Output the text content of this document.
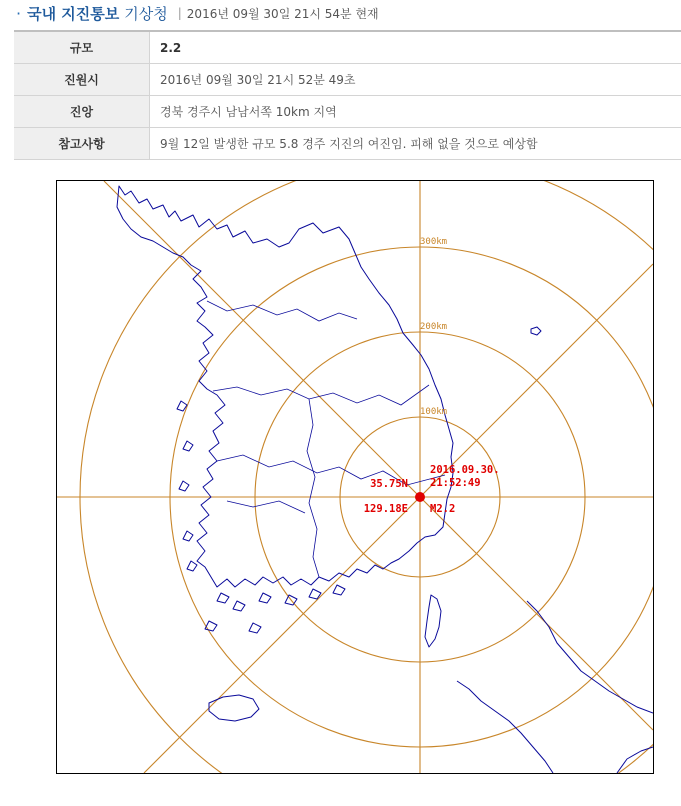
· 국내 지진통보 기상청 | 2016년 09월 30일 21시 54분 현재
규모	2.2
진원시	2016년 09월 30일 21시 52분 49초
진앙	경북 경주시 남남서쪽 10km 지역
참고사항	9월 12일 발생한 규모 5.8 경주 지진의 여진임. 피해 없을 것으로 예상함
100km
200km
300km
35.75N
129.18E
2016.09.30.
21:52:49
M2.2
